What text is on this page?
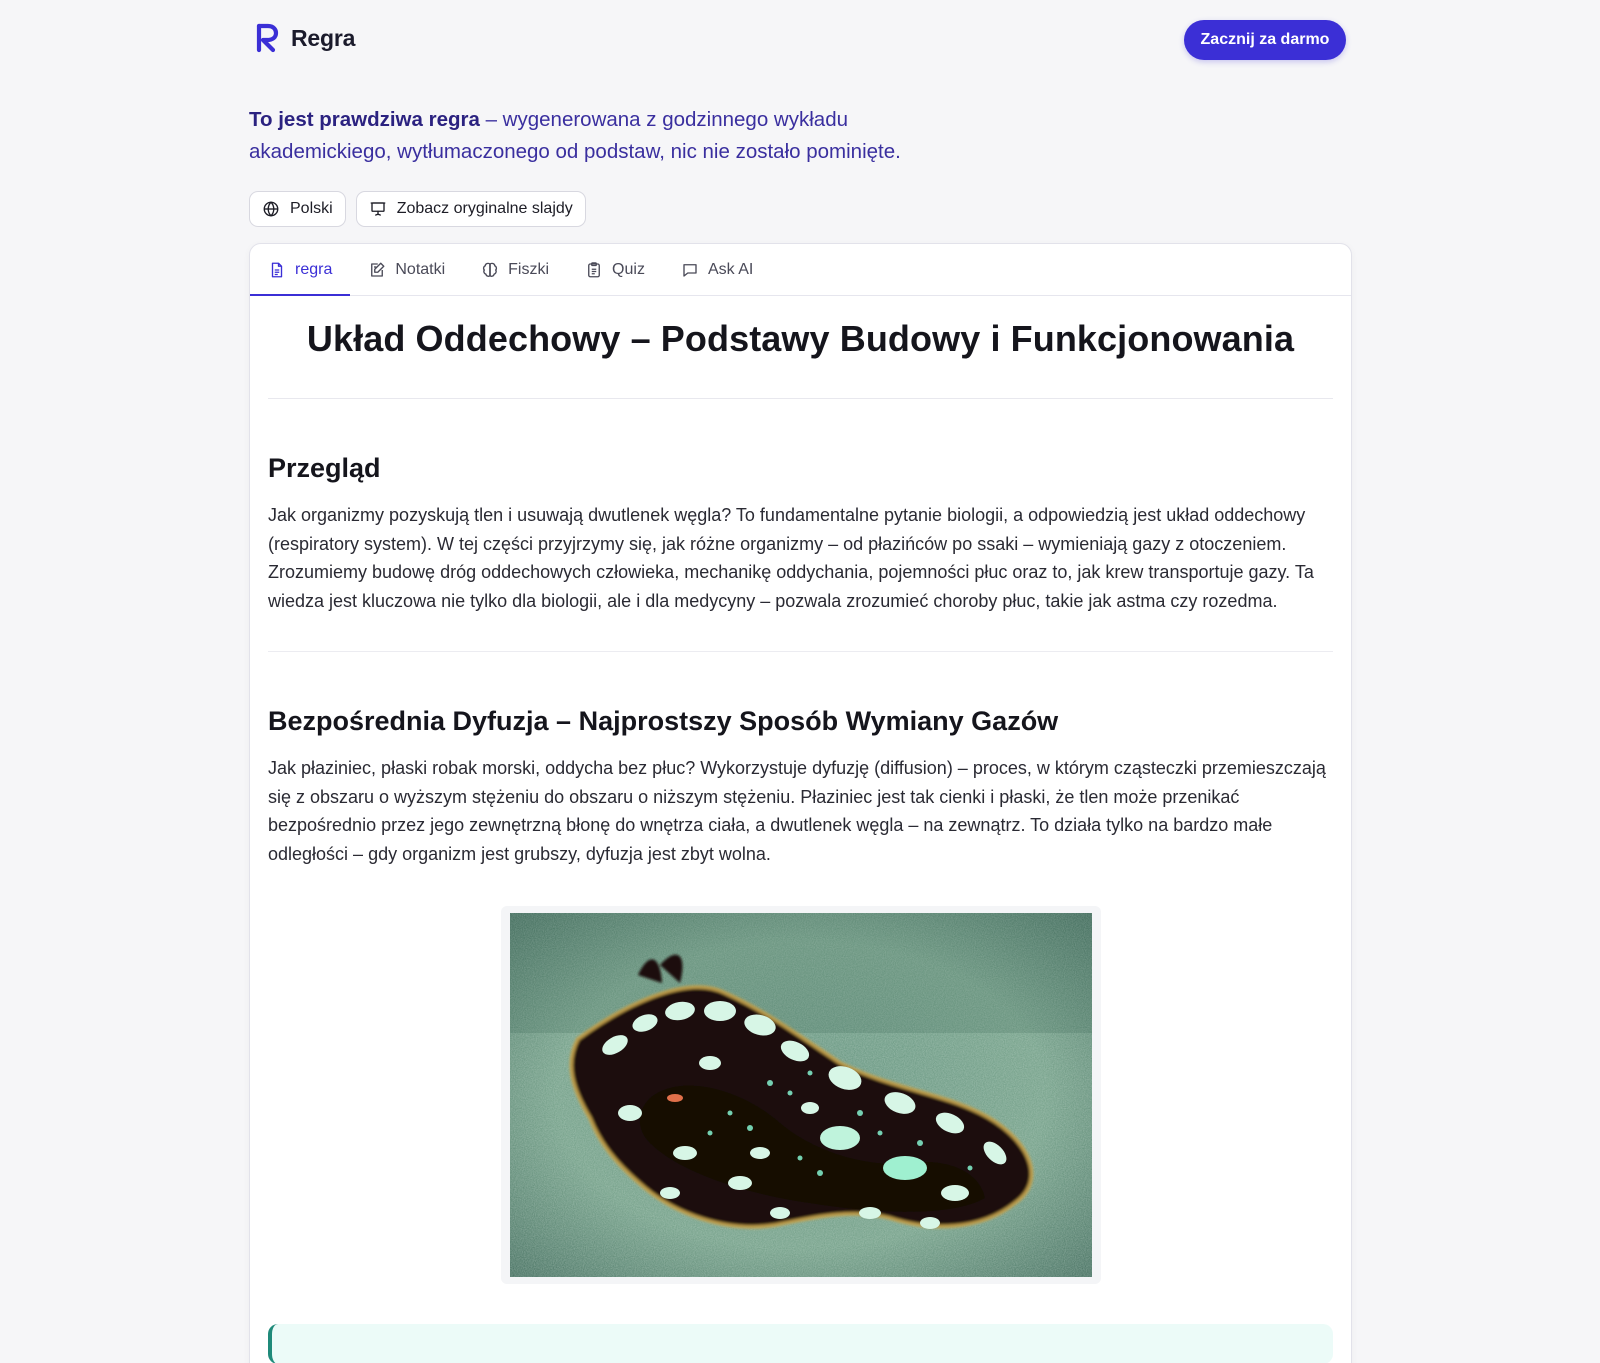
Regra	Zacznij za darmo

To jest prawdziwa regra – wygenerowana z godzinnego wykładu akademickiego, wytłumaczonego od podstaw, nic nie zostało pominięte.

Polski	Zobacz oryginalne slajdy
regra	Notatki	Fiszki	Quiz	Ask AI
Układ Oddechowy – Podstawy Budowy i Funkcjonowania
Przegląd

Jak organizmy pozyskują tlen i usuwają dwutlenek węgla? To fundamentalne pytanie biologii, a odpowiedzią jest układ oddechowy (respiratory system). W tej części przyjrzymy się, jak różne organizmy – od płazińców po ssaki – wymieniają gazy z otoczeniem. Zrozumiemy budowę dróg oddechowych człowieka, mechanikę oddychania, pojemności płuc oraz to, jak krew transportuje gazy. Ta wiedza jest kluczowa nie tylko dla biologii, ale i dla medycyny – pozwala zrozumieć choroby płuc, takie jak astma czy rozedma.

Bezpośrednia Dyfuzja – Najprostszy Sposób Wymiany Gazów

Jak płaziniec, płaski robak morski, oddycha bez płuc? Wykorzystuje dyfuzję (diffusion) – proces, w którym cząsteczki przemieszczają się z obszaru o wyższym stężeniu do obszaru o niższym stężeniu. Płaziniec jest tak cienki i płaski, że tlen może przenikać bezpośrednio przez jego zewnętrzną błonę do wnętrza ciała, a dwutlenek węgla – na zewnątrz. To działa tylko na bardzo małe odległości – gdy organizm jest grubszy, dyfuzja jest zbyt wolna.
